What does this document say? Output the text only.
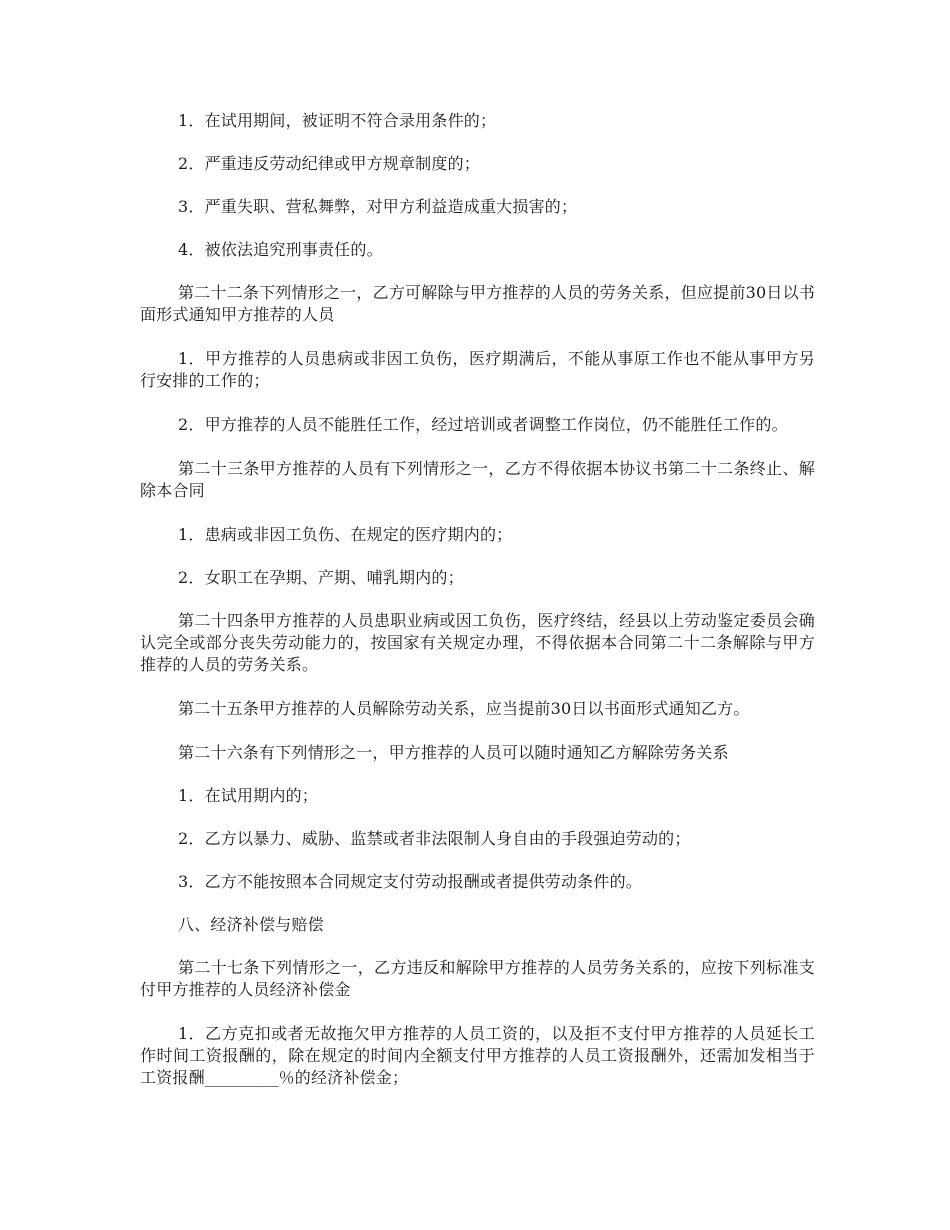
1．在试用期间，被证明不符合录用条件的；

2．严重违反劳动纪律或甲方规章制度的；

3．严重失职、营私舞弊，对甲方利益造成重大损害的；

4．被依法追究刑事责任的。

第二十二条下列情形之一，乙方可解除与甲方推荐的人员的劳务关系，但应提前30日以书面形式通知甲方推荐的人员

1．甲方推荐的人员患病或非因工负伤，医疗期满后，不能从事原工作也不能从事甲方另行安排的工作的；

2．甲方推荐的人员不能胜任工作，经过培训或者调整工作岗位，仍不能胜任工作的。

第二十三条甲方推荐的人员有下列情形之一，乙方不得依据本协议书第二十二条终止、解除本合同

1．患病或非因工负伤、在规定的医疗期内的；

2．女职工在孕期、产期、哺乳期内的；

第二十四条甲方推荐的人员患职业病或因工负伤，医疗终结，经县以上劳动鉴定委员会确认完全或部分丧失劳动能力的，按国家有关规定办理，不得依据本合同第二十二条解除与甲方推荐的人员的劳务关系。

第二十五条甲方推荐的人员解除劳动关系，应当提前30日以书面形式通知乙方。

第二十六条有下列情形之一，甲方推荐的人员可以随时通知乙方解除劳务关系

1．在试用期内的；

2．乙方以暴力、威胁、监禁或者非法限制人身自由的手段强迫劳动的；

3．乙方不能按照本合同规定支付劳动报酬或者提供劳动条件的。

八、经济补偿与赔偿

第二十七条下列情形之一，乙方违反和解除甲方推荐的人员劳务关系的，应按下列标准支付甲方推荐的人员经济补偿金

1．乙方克扣或者无故拖欠甲方推荐的人员工资的，以及拒不支付甲方推荐的人员延长工作时间工资报酬的，除在规定的时间内全额支付甲方推荐的人员工资报酬外，还需加发相当于工资报酬_________％的经济补偿金；
